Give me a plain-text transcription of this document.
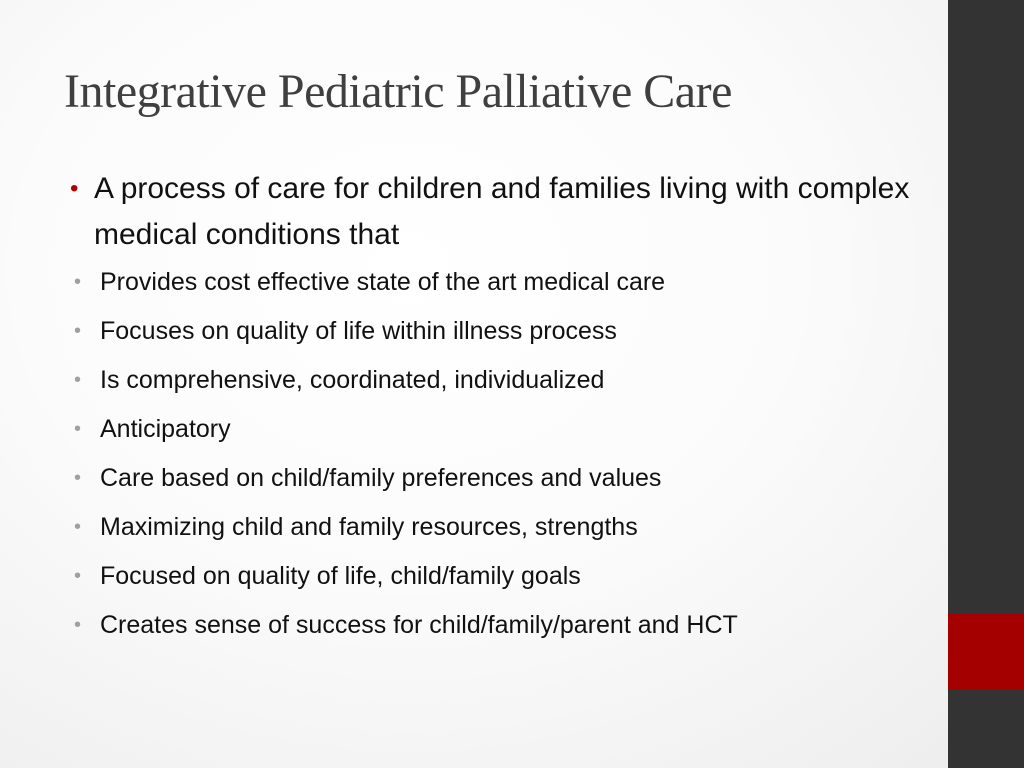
Integrative Pediatric Palliative Care
• A process of care for children and families living with complex medical conditions that
• Provides cost effective state of the art medical care
• Focuses on quality of life within illness process
• Is comprehensive, coordinated, individualized
• Anticipatory
• Care based on child/family preferences and values
• Maximizing child and family resources, strengths
• Focused on quality of life, child/family goals
• Creates sense of success for child/family/parent and HCT
